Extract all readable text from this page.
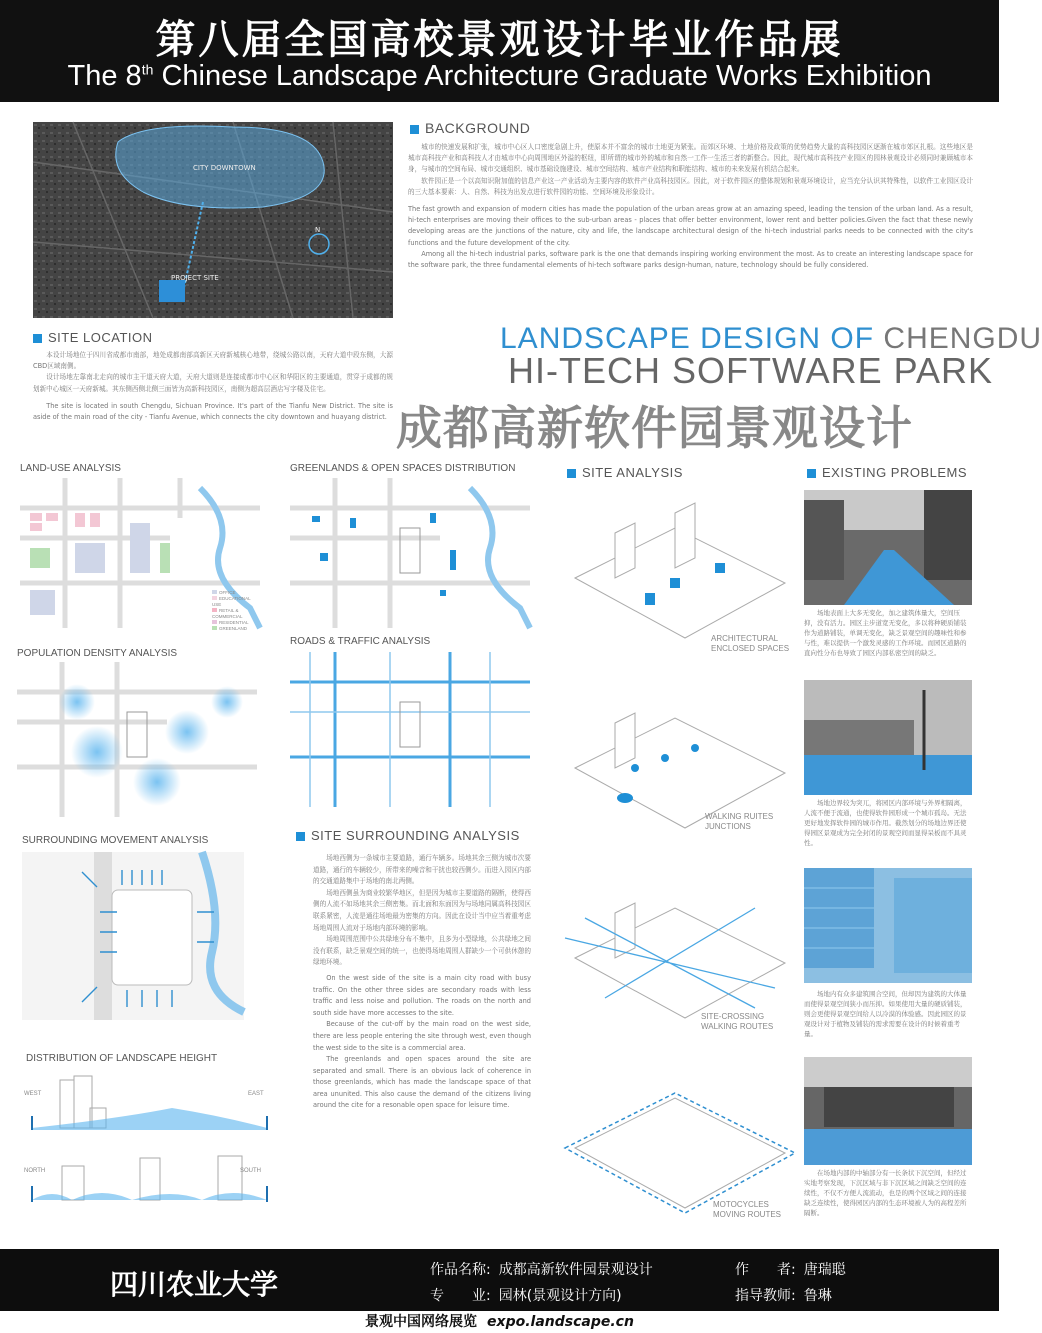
第八届全国高校景观设计毕业作品展
The 8th Chinese Landscape Architecture Graduate Works Exhibition
CITY DOWNTOWN
PROJECT SITE
N
BACKGROUND

城市的快速发展和扩张，城市中心区人口密度急剧上升，使原本并不富余的城市土地更为紧张。而郊区环境、土地价格及政策的优势趋势大量的高科技园区逐渐在城市郊区扎根。这些地区是城市高科技产业和高科技人才由城市中心向周围地区外溢的枢纽，即所谓的城市外的城市和自然一工作一生活三者的新整合。因此，现代城市高科技产业园区的园林景观设计必须同时兼顾城市本身，与城市的空间布局、城市交通组织、城市基础设施建设、城市空间结构、城市产业结构和职能结构、城市的未来发展有机结合起来。

软件园正是一个以高知识附加值的信息产业这一产业活动为主要内容的软件产业高科技园区。因此，对于软件园区的整体规划和景观环境设计，应当充分认识其特殊性，以软件工业园区设计的三大基本要素：人、自然、科技为出发点进行软件园的功能、空间环境及形象设计。

The fast growth and expansion of modern cities has made the population of the urban areas grow at an amazing speed, leading the tension of the urban land. As a result, hi-tech enterprises are moving their offices to the sub-urban areas - places that offer better environment, lower rent and better policies.Given the fact that these newly developing areas are the junctions of the nature, city and life, the landscape architectural design of the hi-tech industrial parks needs to be connected with the city's functions and the future development of the city.

Among all the hi-tech industrial parks, software park is the one that demands inspiring working environment the most. As to create an interesting landscape space for the software park, the three fundamental elements of hi-tech software parks design-human, nature, technology should be fully considered.

SITE LOCATION

本设计场地位于四川省成都市南部，地处成都南部高新区天府新城核心地带，绕城公路以南，天府大道中段东侧，大源CBD区域南侧。

设计场地左靠南北走向的城市主干道天府大道，天府大道则是连接成都市中心区和华阳区的主要通道，贯穿于成都的规划新中心城区一天府新城。其东侧西侧北侧三面皆为高新科技园区，南侧为超高层酒店写字楼及住宅。

The site is located in south Chengdu, Sichuan Province. It's part of the Tianfu New District. The site is aside of the main road of the city - Tianfu Avenue, which connects the city downtown and huayang district.

LANDSCAPE DESIGN OF CHENGDU
HI-TECH SOFTWARE PARK
成都高新软件园景观设计
LAND-USE ANALYSIS
OFFICE
EDUCATIONAL USE
RETAIL & COMMERCIAL
RESIDENTIAL
GREENLAND
GREENLANDS & OPEN SPACES DISTRIBUTION
POPULATION DENSITY ANALYSIS
ROADS & TRAFFIC ANALYSIS
SURROUNDING MOVEMENT ANALYSIS
DISTRIBUTION OF LANDSCAPE HEIGHT
WEST	EAST
NORTH	SOUTH
SITE SURROUNDING ANALYSIS

场地西侧为一条城市主要道路，通行车辆多。场地其余三侧为城市次要道路，通行的车辆较少，所带来的噪音和干扰也较西侧少。而进入园区内部的交通道路集中于场地的南北两侧。

场地西侧虽为商业较繁华地区，但是因为城市主要道路的隔断，使得西侧的人流不如场地其余三侧密集。而北面和东面因为与场地同属高科技园区联系紧密，人流是通往场地最为密集的方向。因此在设计当中应当着重考虑场地周围人流对于场地内部环境的影响。

场地周围范围中公共绿地分布不集中，且多为小型绿地，公共绿地之间没有联系，缺乏景观空间的统一，也使得场地周围人群缺少一个可供休憩的绿地环境。

On the west side of the site is a main city road with busy traffic. On the other three sides are secondary roads with less traffic and less noise and pollution. The roads on the north and south side have more accesses to the site.

Because of the cut-off by the main road on the west side, there are less people entering the site through west, even though the west side to the site is a commercial area.

The greenlands and open spaces around the site are separated and small. There is an obvious lack of coherence in those greenlands, which has made the landscape space of that area ununited. This also cause the demand of the citizens living around the cite for a resonable open space for leisure time.

SITE ANALYSIS
ARCHITECTURAL
ENCLOSED SPACES
WALKING RUITES
JUNCTIONS
SITE-CROSSING
WALKING ROUTES
MOTOCYCLES
MOVING ROUTES
EXISTING PROBLEMS
场地表面上大多无变化，加之建筑体量大，空间压抑，没有活力。园区主步道宽无变化，多以将种硬质铺装作为道路铺装，单调无变化，缺乏景观空间的趣味性和参与性，难以提供一个激发灵感的工作环境。而园区道路的直向性分布也导致了园区内部私密空间的缺乏。
场地边界较为突兀，将园区内部环境与外界相隔离，人流不便于流通，也使得软件园形成一个城市孤岛。无法更好地发挥软件园的城市作用。截然划分的场地边界还使得园区景观成为完全封闭的景观空间而显得呆板而不具灵性。
场地内有众多建筑围合空间，但却因为建筑的大体量而使得景观空间狭小而压抑。如果使用大量的硬质铺装，则会更使得景观空间给人以冷漠的体验感。因此园区的景观设计对于植物及铺装的需求需要在设计的时候着重考量。
在场地内部的中轴部分有一长条状下沉空间，但经过实地考察发现，下沉区域与非下沉区域之间缺乏空间的连续性，不仅不方便人流流动，也是的两个区域之间的连接缺乏连续性，使得园区内部的生态环境被人为的高程差所隔断。
四川农业大学	作品名称: 成都高新软件园景观设计	作　　者: 唐瑞聪
专　　业: 园林(景观设计方向)	指导教师: 鲁琳
景观中国网络展览 expo.landscape.cn
